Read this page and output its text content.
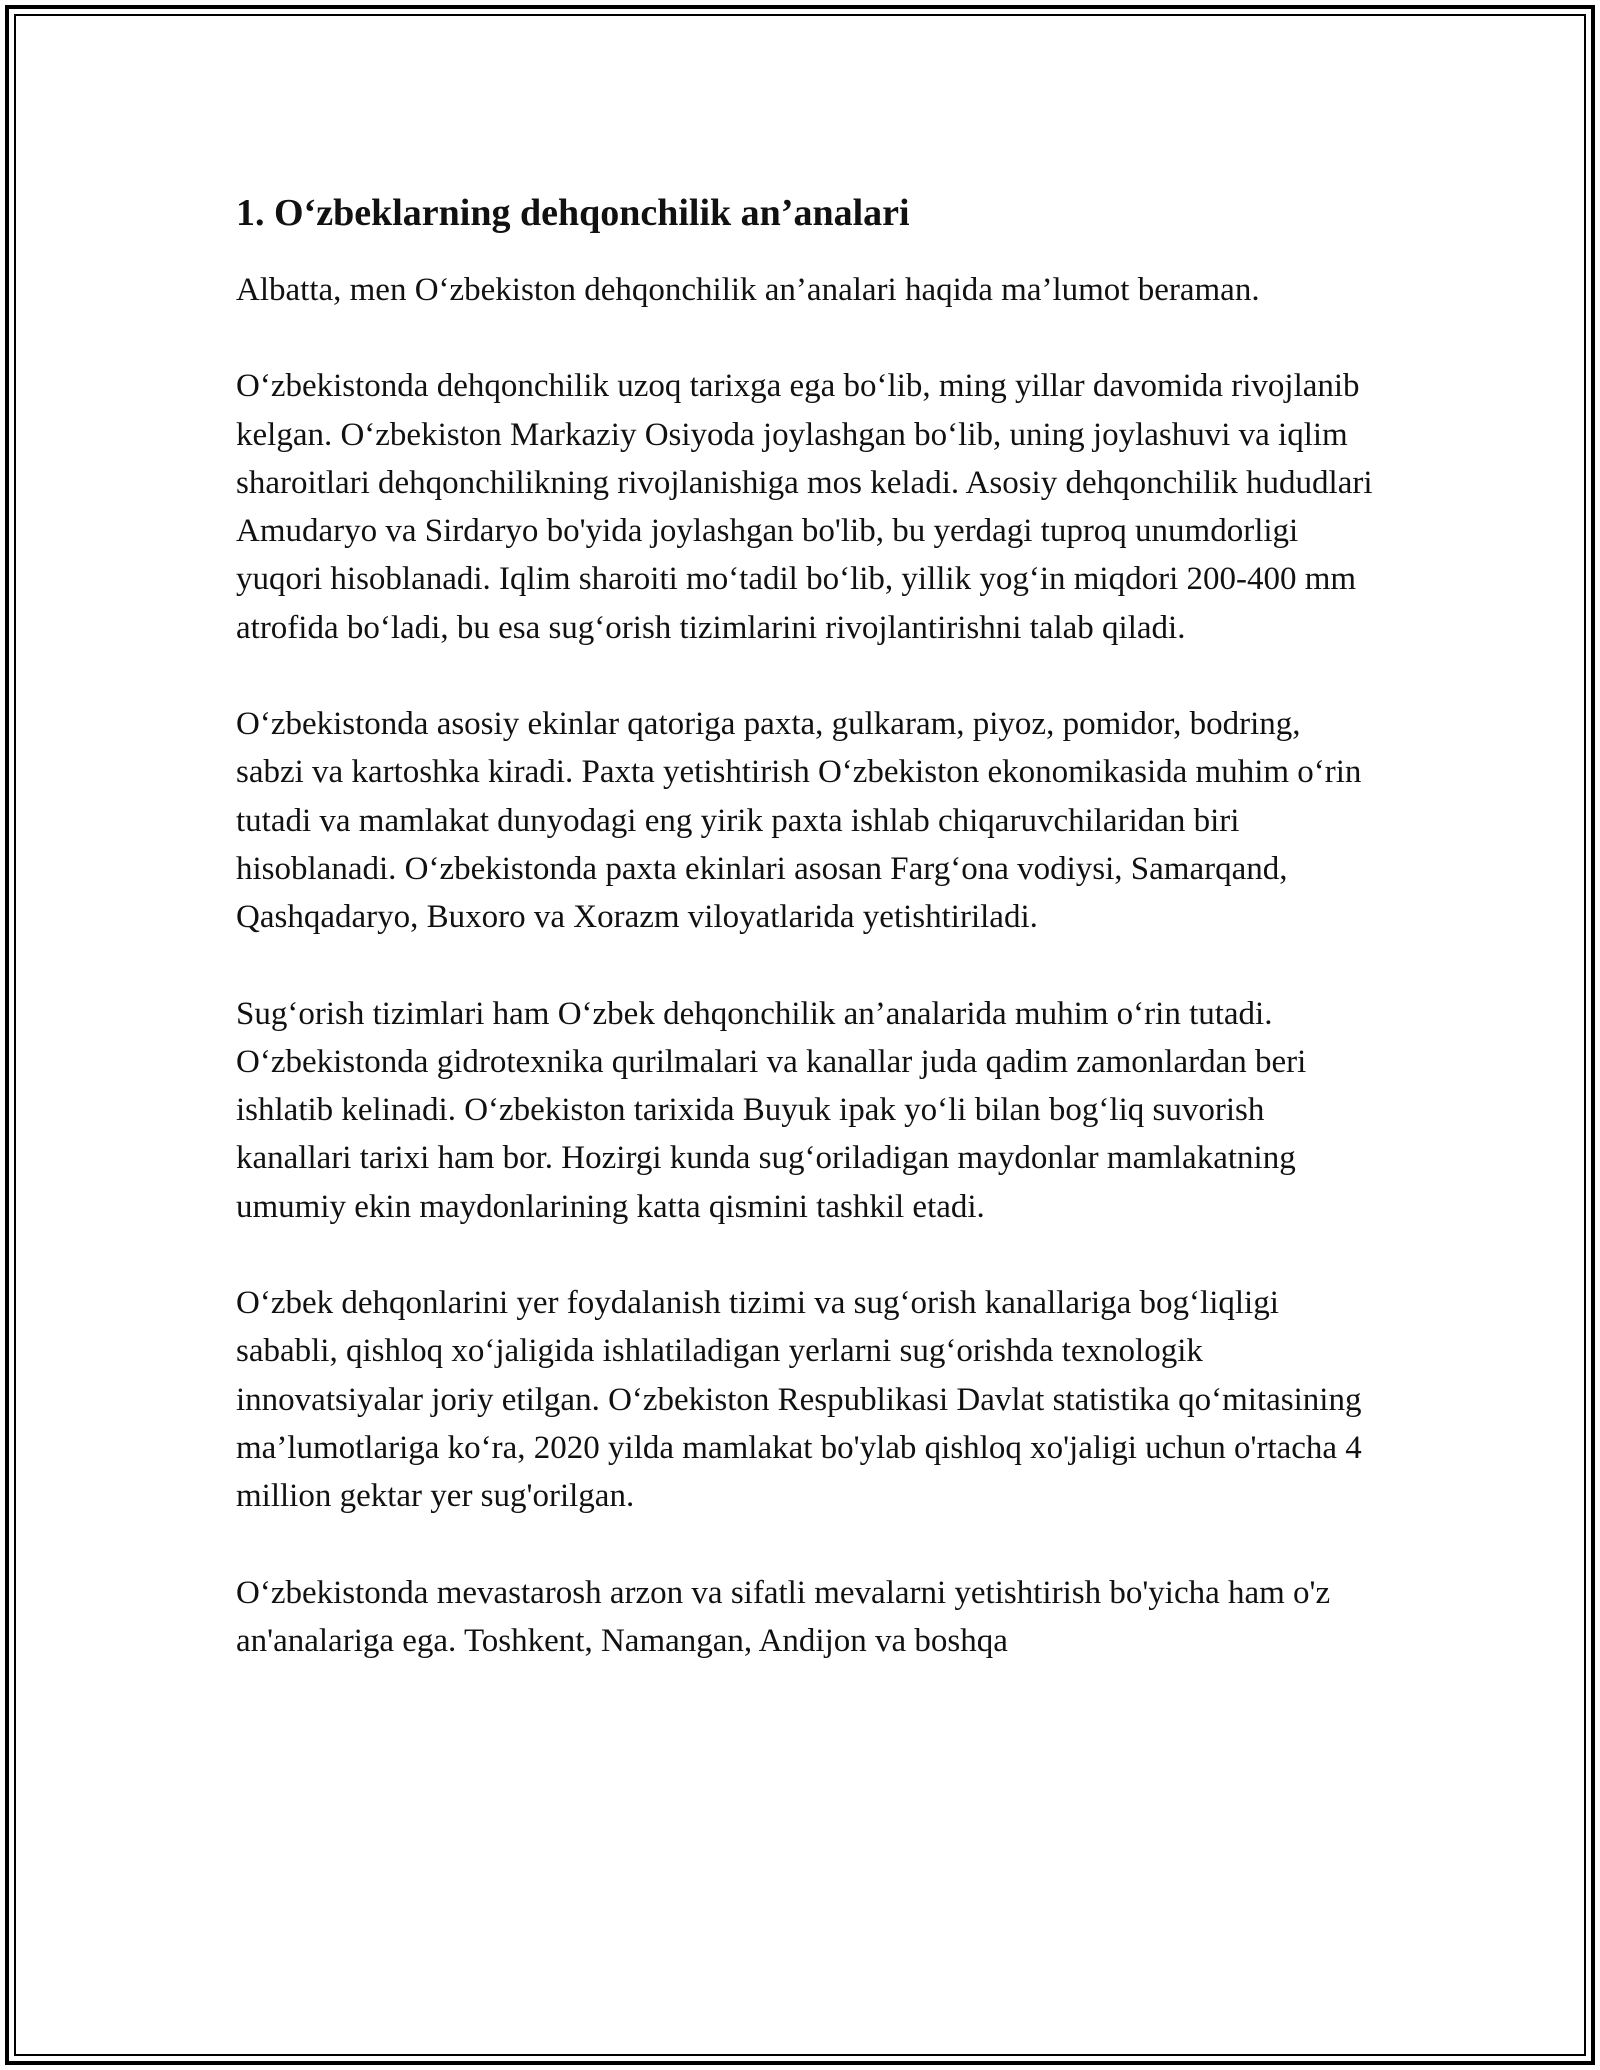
1. O‘zbeklarning dehqonchilik an’analari

Albatta, men O‘zbekiston dehqonchilik an’analari haqida ma’lumot beraman.

O‘zbekistonda dehqonchilik uzoq tarixga ega bo‘lib, ming yillar davomida rivojlanib kelgan. O‘zbekiston Markaziy Osiyoda joylashgan bo‘lib, uning joylashuvi va iqlim sharoitlari dehqonchilikning rivojlanishiga mos keladi. Asosiy dehqonchilik hududlari Amudaryo va Sirdaryo bo'yida joylashgan bo'lib, bu yerdagi tuproq unumdorligi yuqori hisoblanadi. Iqlim sharoiti mo‘tadil bo‘lib, yillik yog‘in miqdori 200-400 mm atrofida bo‘ladi, bu esa sug‘orish tizimlarini rivojlantirishni talab qiladi.

O‘zbekistonda asosiy ekinlar qatoriga paxta, gulkaram, piyoz, pomidor, bodring, sabzi va kartoshka kiradi. Paxta yetishtirish O‘zbekiston ekonomikasida muhim o‘rin tutadi va mamlakat dunyodagi eng yirik paxta ishlab chiqaruvchilaridan biri hisoblanadi. O‘zbekistonda paxta ekinlari asosan Farg‘ona vodiysi, Samarqand, Qashqadaryo, Buxoro va Xorazm viloyatlarida yetishtiriladi.

Sug‘orish tizimlari ham O‘zbek dehqonchilik an’analarida muhim o‘rin tutadi. O‘zbekistonda gidrotexnika qurilmalari va kanallar juda qadim zamonlardan beri ishlatib kelinadi. O‘zbekiston tarixida Buyuk ipak yo‘li bilan bog‘liq suvorish kanallari tarixi ham bor. Hozirgi kunda sug‘oriladigan maydonlar mamlakatning umumiy ekin maydonlarining katta qismini tashkil etadi.

O‘zbek dehqonlarini yer foydalanish tizimi va sug‘orish kanallariga bog‘liqligi sababli, qishloq xo‘jaligida ishlatiladigan yerlarni sug‘orishda texnologik innovatsiyalar joriy etilgan. O‘zbekiston Respublikasi Davlat statistika qo‘mitasining ma’lumotlariga ko‘ra, 2020 yilda mamlakat bo'ylab qishloq xo'jaligi uchun o'rtacha 4 million gektar yer sug'orilgan.

O‘zbekistonda mevastarosh arzon va sifatli mevalarni yetishtirish bo'yicha ham o'z an'analariga ega. Toshkent, Namangan, Andijon va boshqa
